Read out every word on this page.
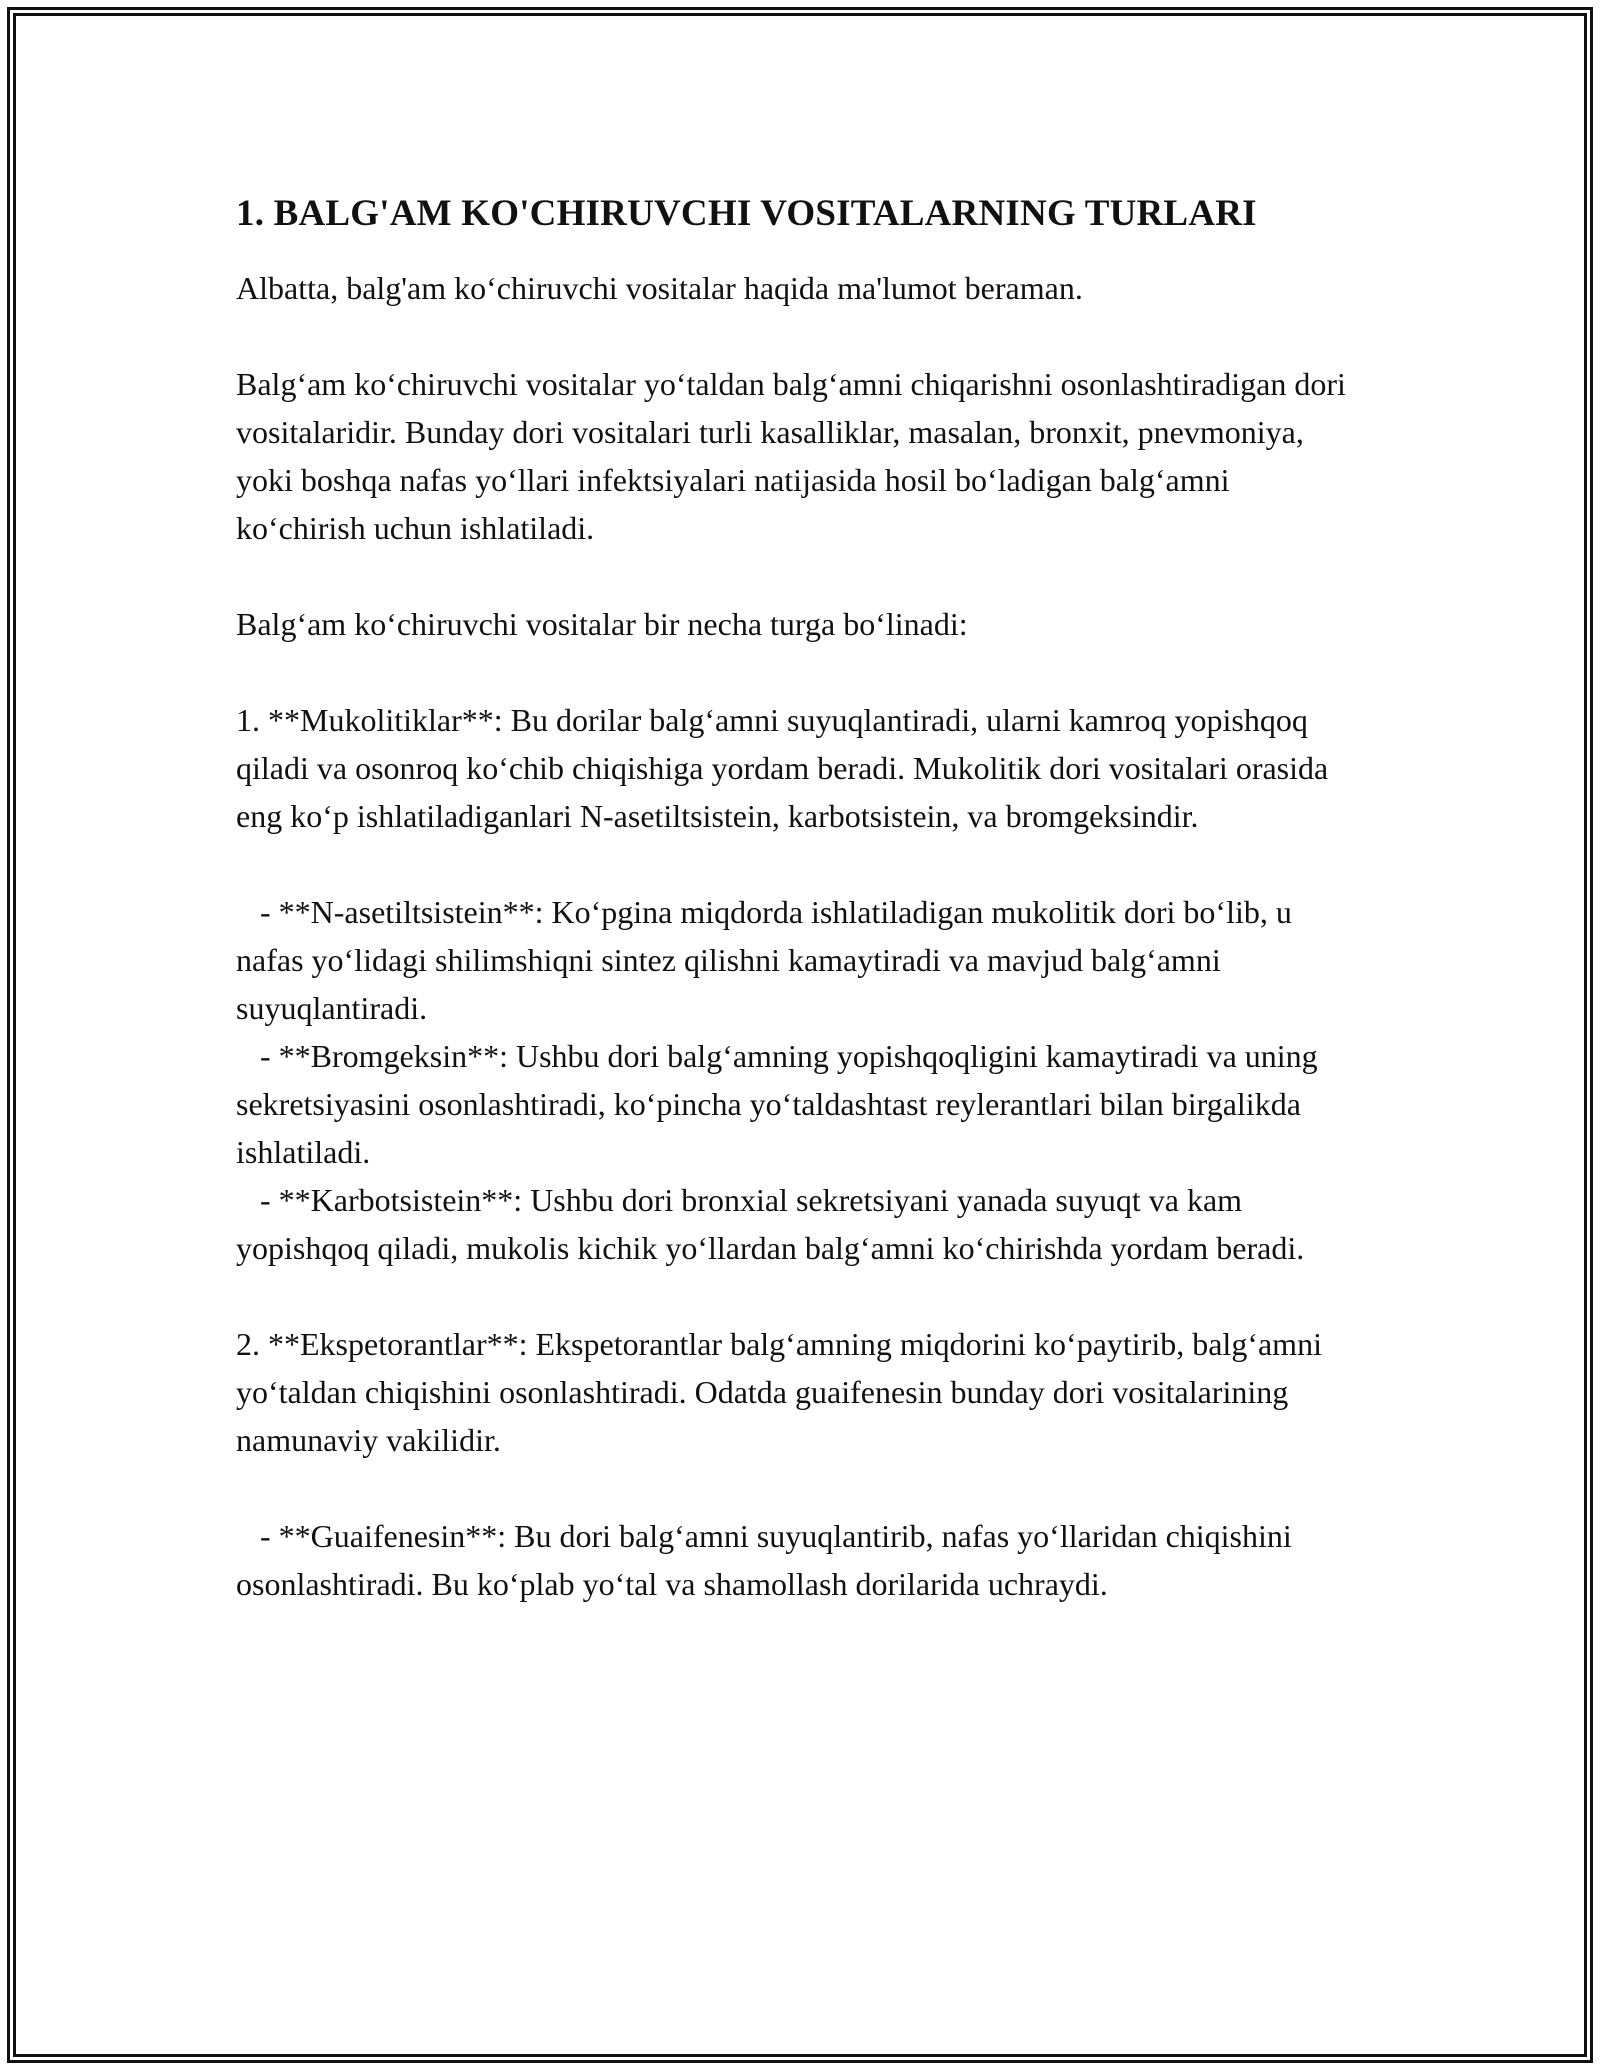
1. BALG'AM KO'CHIRUVCHI VOSITALARNING TURLARI

Albatta, balg'am ko‘chiruvchi vositalar haqida ma'lumot beraman.

Balg‘am ko‘chiruvchi vositalar yo‘taldan balg‘amni chiqarishni osonlashtiradigan dori vositalaridir. Bunday dori vositalari turli kasalliklar, masalan, bronxit, pnevmoniya, yoki boshqa nafas yo‘llari infektsiyalari natijasida hosil bo‘ladigan balg‘amni ko‘chirish uchun ishlatiladi.

Balg‘am ko‘chiruvchi vositalar bir necha turga bo‘linadi:

1. **Mukolitiklar**: Bu dorilar balg‘amni suyuqlantiradi, ularni kamroq yopishqoq qiladi va osonroq ko‘chib chiqishiga yordam beradi. Mukolitik dori vositalari orasida eng ko‘p ishlatiladiganlari N-asetiltsistein, karbotsistein, va bromgeksindir.

- **N-asetiltsistein**: Ko‘pgina miqdorda ishlatiladigan mukolitik dori bo‘lib, u nafas yo‘lidagi shilimshiqni sintez qilishni kamaytiradi va mavjud balg‘amni suyuqlantiradi.

- **Bromgeksin**: Ushbu dori balg‘amning yopishqoqligini kamaytiradi va uning sekretsiyasini osonlashtiradi, ko‘pincha yo‘taldashtast reylerantlari bilan birgalikda ishlatiladi.

- **Karbotsistein**: Ushbu dori bronxial sekretsiyani yanada suyuqt va kam yopishqoq qiladi, mukolis kichik yo‘llardan balg‘amni ko‘chirishda yordam beradi.

2. **Ekspetorantlar**: Ekspetorantlar balg‘amning miqdorini ko‘paytirib, balg‘amni yo‘taldan chiqishini osonlashtiradi. Odatda guaifenesin bunday dori vositalarining namunaviy vakilidir.

- **Guaifenesin**: Bu dori balg‘amni suyuqlantirib, nafas yo‘llaridan chiqishini osonlashtiradi. Bu ko‘plab yo‘tal va shamollash dorilarida uchraydi.
